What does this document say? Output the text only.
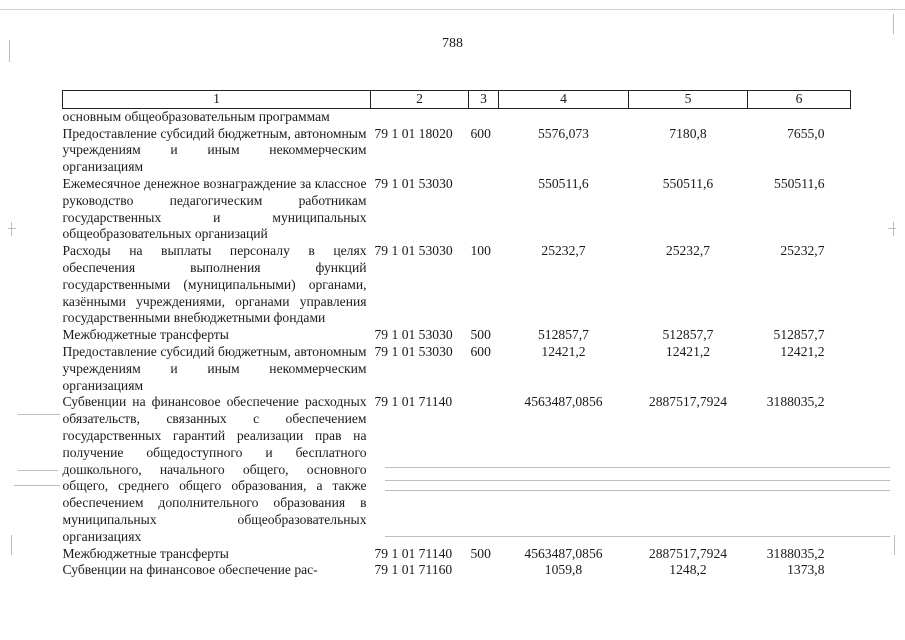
788
1	2	3	4	5	6
основным общеобразовательным программам					
Предоставление субсидий бюджетным, автономным учреждениям и иным некоммерческим организациям	79 1 01 18020	600	5576,073	7180,8	7655,0
Ежемесячное денежное вознаграждение за классное руководство педагогическим работникам государственных и муниципальных общеобразовательных организаций	79 1 01 53030		550511,6	550511,6	550511,6
Расходы на выплаты персоналу в целях обеспечения выполнения функций государственными (муниципальными) органами, казёнными учреждениями, органами управления государственными внебюджетными фондами	79 1 01 53030	100	25232,7	25232,7	25232,7
Межбюджетные трансферты	79 1 01 53030	500	512857,7	512857,7	512857,7
Предоставление субсидий бюджетным, автономным учреждениям и иным некоммерческим организациям	79 1 01 53030	600	12421,2	12421,2	12421,2
Субвенции на финансовое обеспечение расходных обязательств, связанных с обеспечением государственных гарантий реализации прав на получение общедоступного и бесплатного дошкольного, начального общего, основного общего, среднего общего образования, а также обеспечением дополнительного образования в муниципальных общеобразовательных организациях	79 1 01 71140		4563487,0856	2887517,7924	3188035,2
Межбюджетные трансферты	79 1 01 71140	500	4563487,0856	2887517,7924	3188035,2
Субвенции на финансовое обеспечение рас-	79 1 01 71160		1059,8	1248,2	1373,8
